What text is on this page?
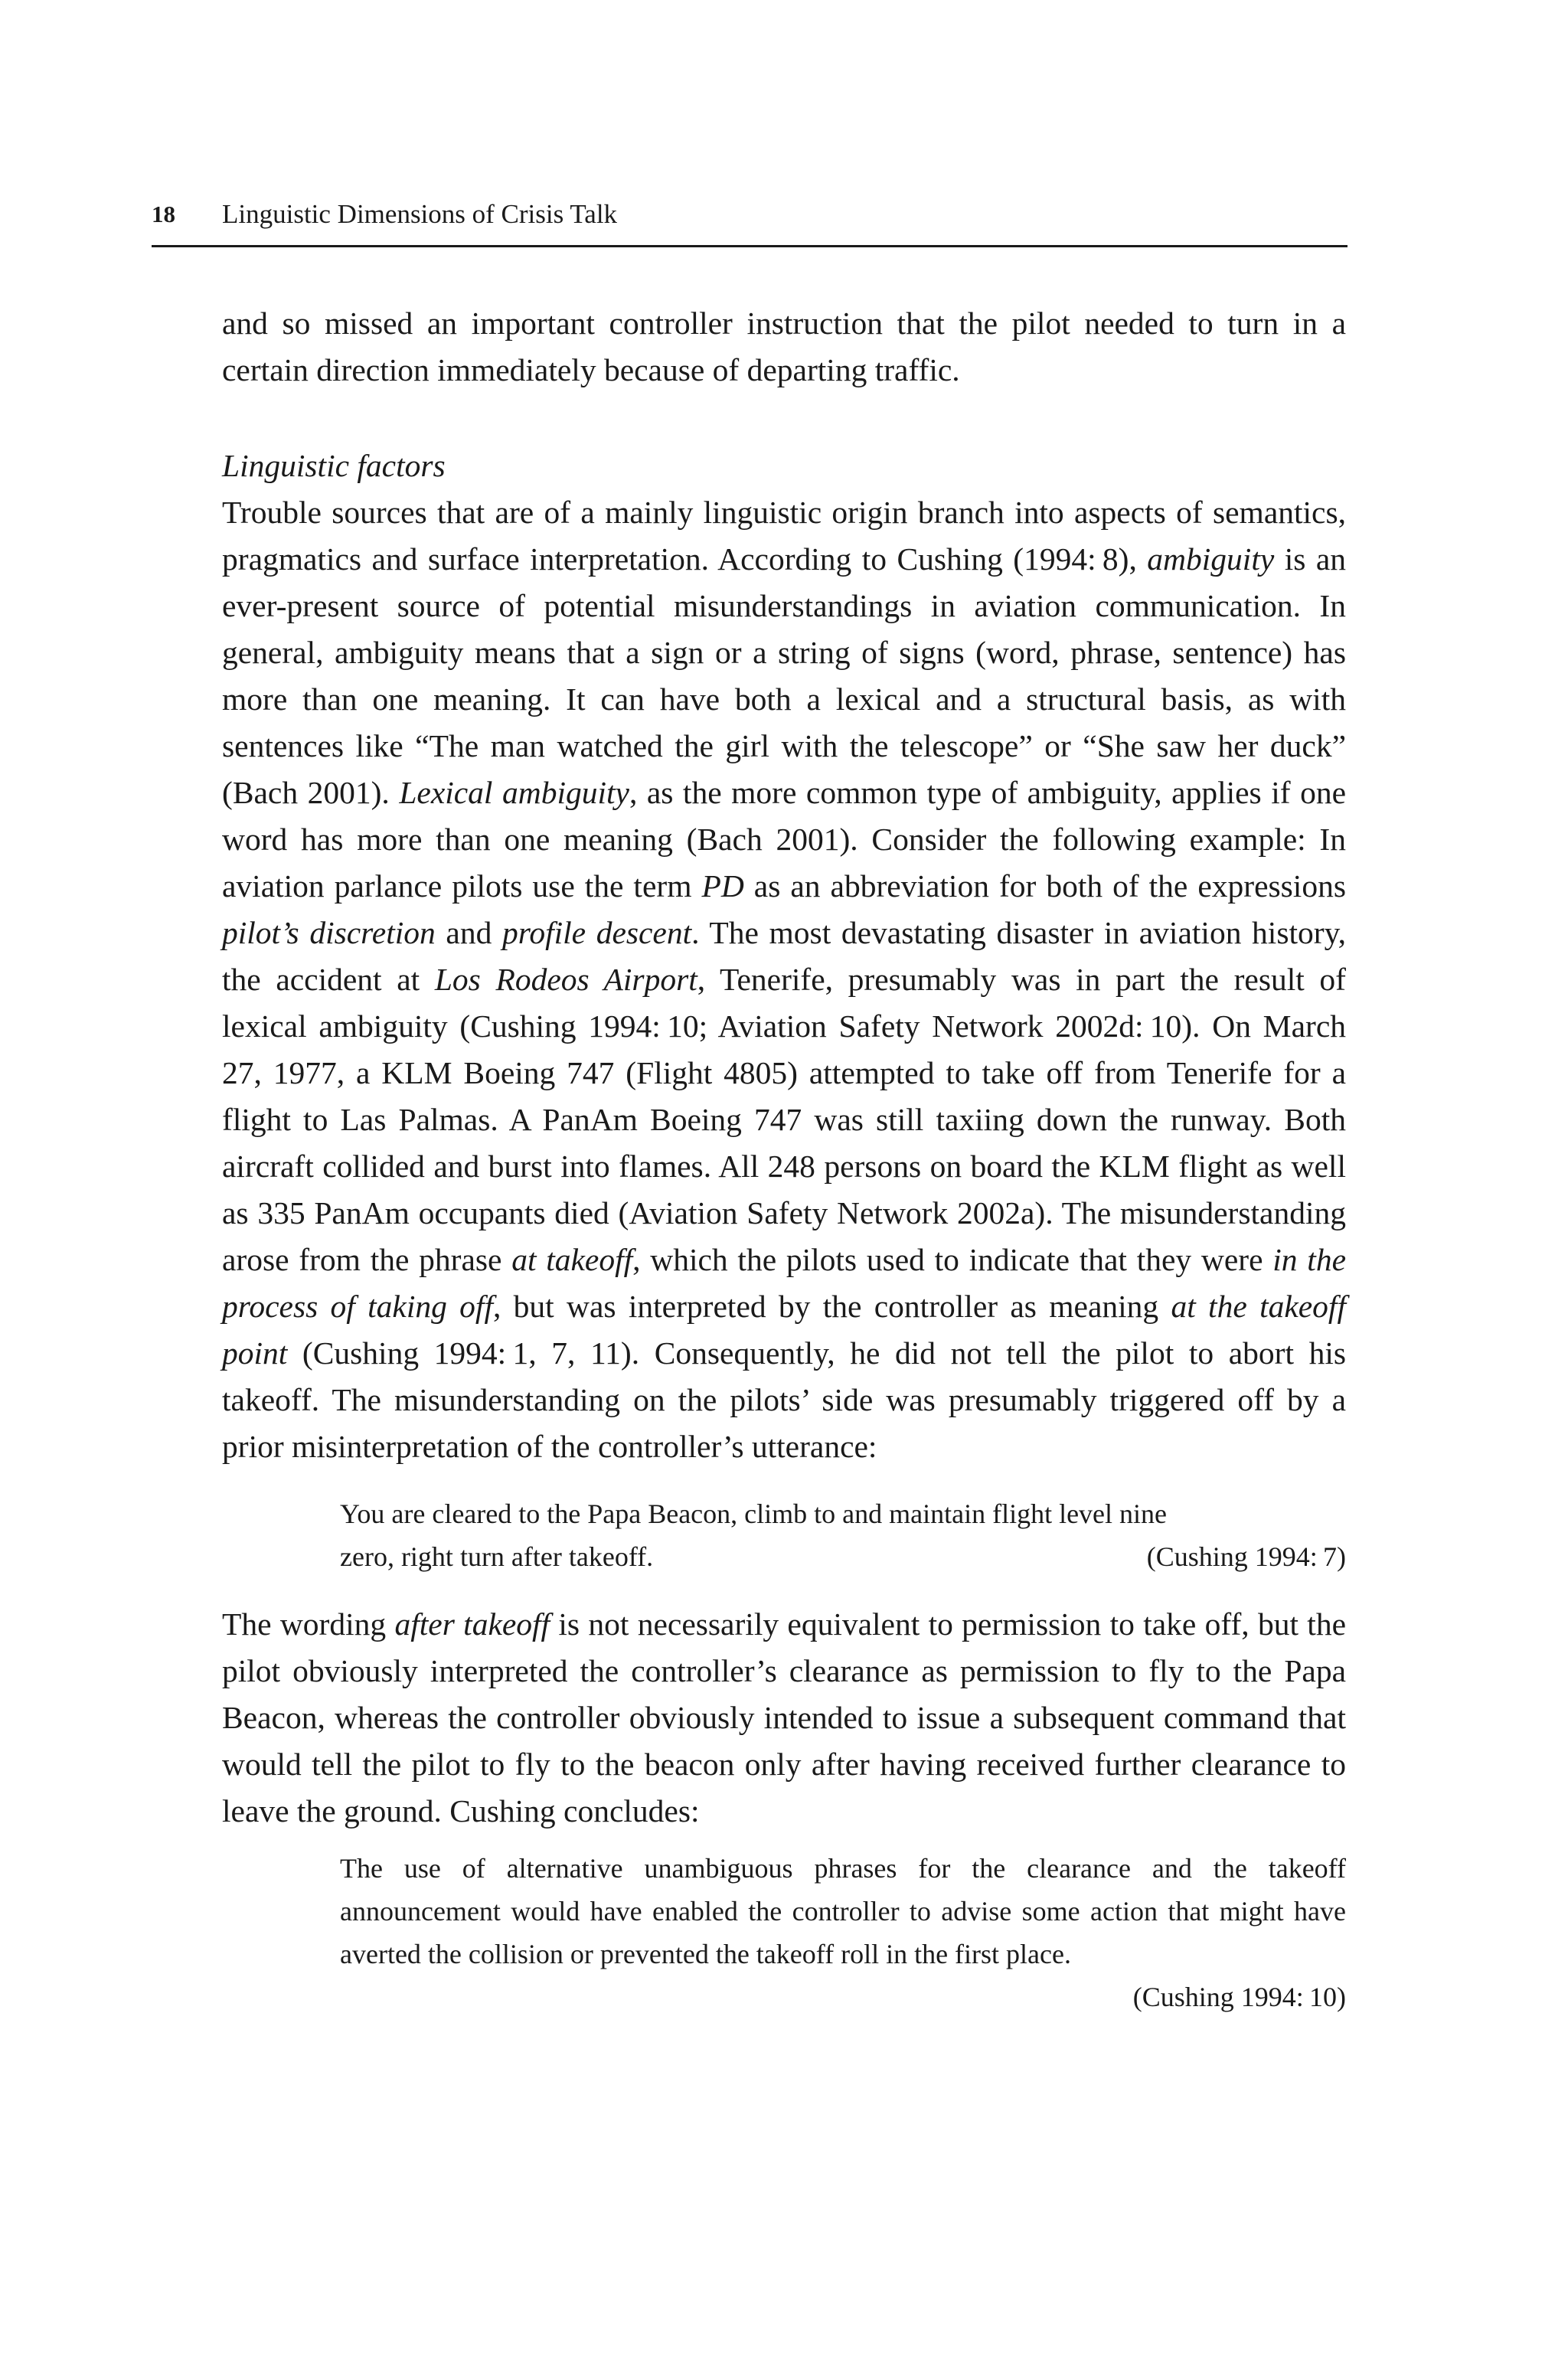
18 Linguistic Dimensions of Crisis Talk

and so missed an important controller instruction that the pilot needed to turn in a certain direction immediately because of departing traffic.

Linguistic factors

Trouble sources that are of a mainly linguistic origin branch into aspects of semantics, pragmatics and surface interpretation. According to Cushing (1994: 8), ambiguity is an ever-present source of potential misunderstandings in aviation communication. In general, ambiguity means that a sign or a string of signs (word, phrase, sentence) has more than one meaning. It can have both a lexical and a structural basis, as with sentences like “The man watched the girl with the telescope” or “She saw her duck” (Bach 2001). Lexical ambiguity, as the more common type of ambiguity, applies if one word has more than one meaning (Bach 2001). Consider the following example: In aviation parlance pilots use the term PD as an abbreviation for both of the expressions pilot’s discretion and profile descent. The most devastating disaster in aviation history, the accident at Los Rodeos Airport, Tenerife, presumably was in part the result of lexical ambiguity (Cushing 1994: 10; Aviation Safety Network 2002d: 10). On March 27, 1977, a KLM Boeing 747 (Flight 4805) attempted to take off from Tenerife for a flight to Las Palmas. A PanAm Boeing 747 was still taxiing down the runway. Both aircraft collided and burst into flames. All 248 persons on board the KLM flight as well as 335 PanAm occupants died (Aviation Safety Network 2002a). The misunderstanding arose from the phrase at takeoff, which the pilots used to indicate that they were in the process of taking off, but was interpreted by the controller as meaning at the takeoff point (Cushing 1994: 1, 7, 11). Consequently, he did not tell the pilot to abort his takeoff. The misunderstanding on the pilots’ side was presumably triggered off by a prior misinterpretation of the controller’s utterance:

You are cleared to the Papa Beacon, climb to and maintain flight level nine

zero, right turn after takeoff.	(Cushing 1994: 7)

The wording after takeoff is not necessarily equivalent to permission to take off, but the pilot obviously interpreted the controller’s clearance as permission to fly to the Papa Beacon, whereas the controller obviously intended to issue a subsequent command that would tell the pilot to fly to the beacon only after having received further clearance to leave the ground. Cushing concludes:

The use of alternative unambiguous phrases for the clearance and the takeoff announcement would have enabled the controller to advise some action that might have averted the collision or prevented the takeoff roll in the first place.

(Cushing 1994: 10)
